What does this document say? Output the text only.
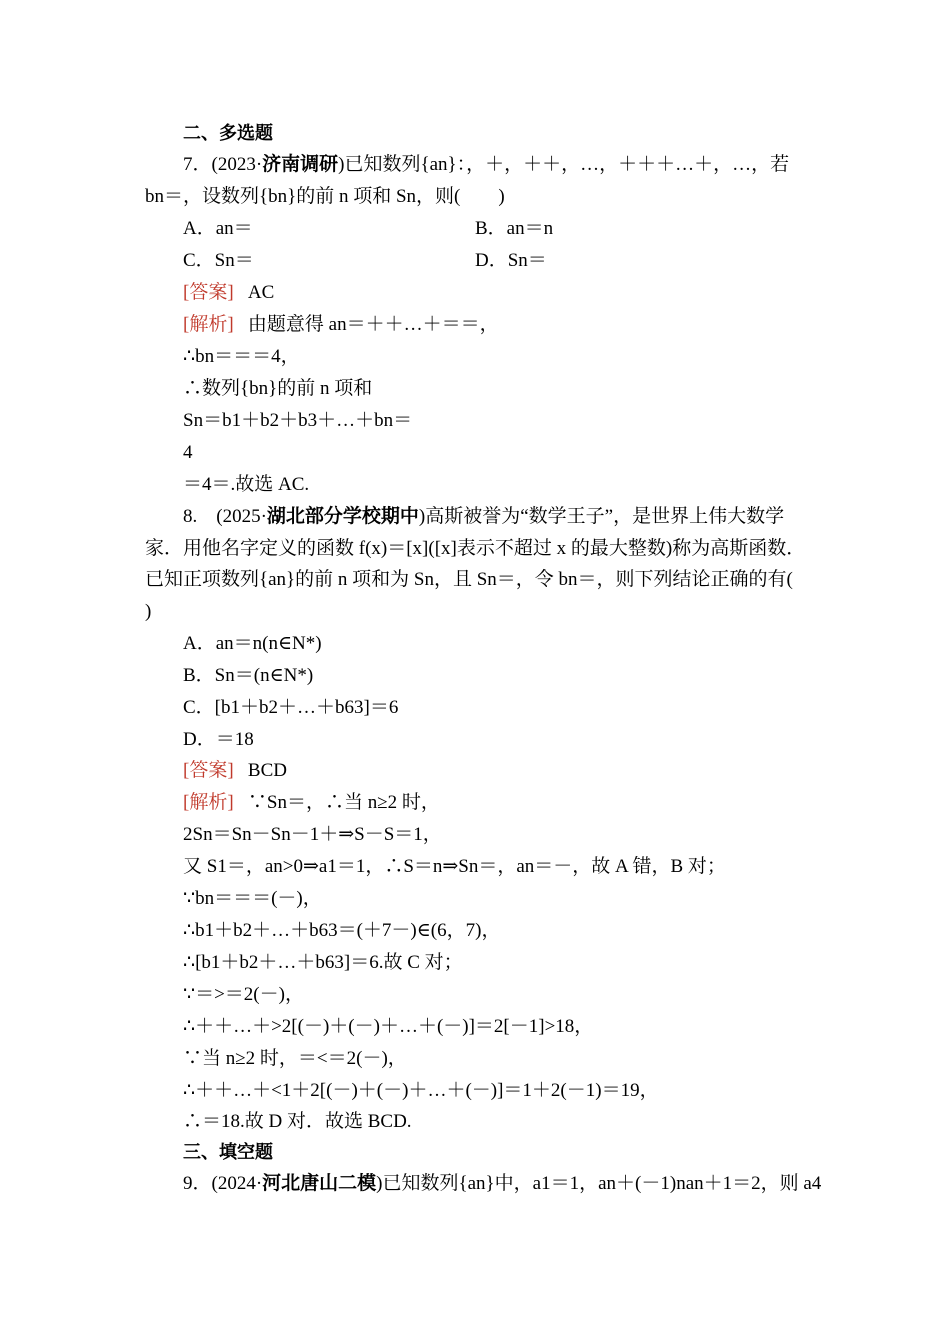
二、多选题
7．(2023·济南调研)已知数列{an}：，＋，＋＋，…，＋＋＋…＋，…，若
bn＝，设数列{bn}的前 n 项和 Sn，则(　　)
A．an＝	B．an＝n
C．Sn＝	D．Sn＝
[答案] AC
[解析] 由题意得 an＝＋＋…＋＝＝，
∴bn＝＝＝4，
∴数列{bn}的前 n 项和
Sn＝b1＋b2＋b3＋…＋bn＝
4
＝4＝.故选 AC.
8.　(2025·湖北部分学校期中)高斯被誉为“数学王子”，是世界上伟大数学
家．用他名字定义的函数 f(x)＝[x]([x]表示不超过 x 的最大整数)称为高斯函数．
已知正项数列{an}的前 n 项和为 Sn，且 Sn＝，令 bn＝，则下列结论正确的有(
)
A．an＝n(n∈N*)
B．Sn＝(n∈N*)
C．[b1＋b2＋…＋b63]＝6
D．＝18
[答案] BCD
[解析] ∵Sn＝，∴当 n≥2 时，
2Sn＝Sn－Sn－1＋⇒S－S＝1，
又 S1＝，an>0⇒a1＝1，∴S＝n⇒Sn＝，an＝－，故 A 错，B 对；
∵bn＝＝＝(－)，
∴b1＋b2＋…＋b63＝(＋7－)∈(6，7)，
∴[b1＋b2＋…＋b63]＝6.故 C 对；
∵＝>＝2(－)，
∴＋＋…＋>2[(－)＋(－)＋…＋(－)]＝2[－1]>18，
∵当 n≥2 时，＝<＝2(－)，
∴＋＋…＋<1＋2[(－)＋(－)＋…＋(－)]＝1＋2(－1)＝19，
∴＝18.故 D 对．故选 BCD.
三、填空题
9．(2024·河北唐山二模)已知数列{an}中，a1＝1，an＋(－1)nan＋1＝2，则 a4
